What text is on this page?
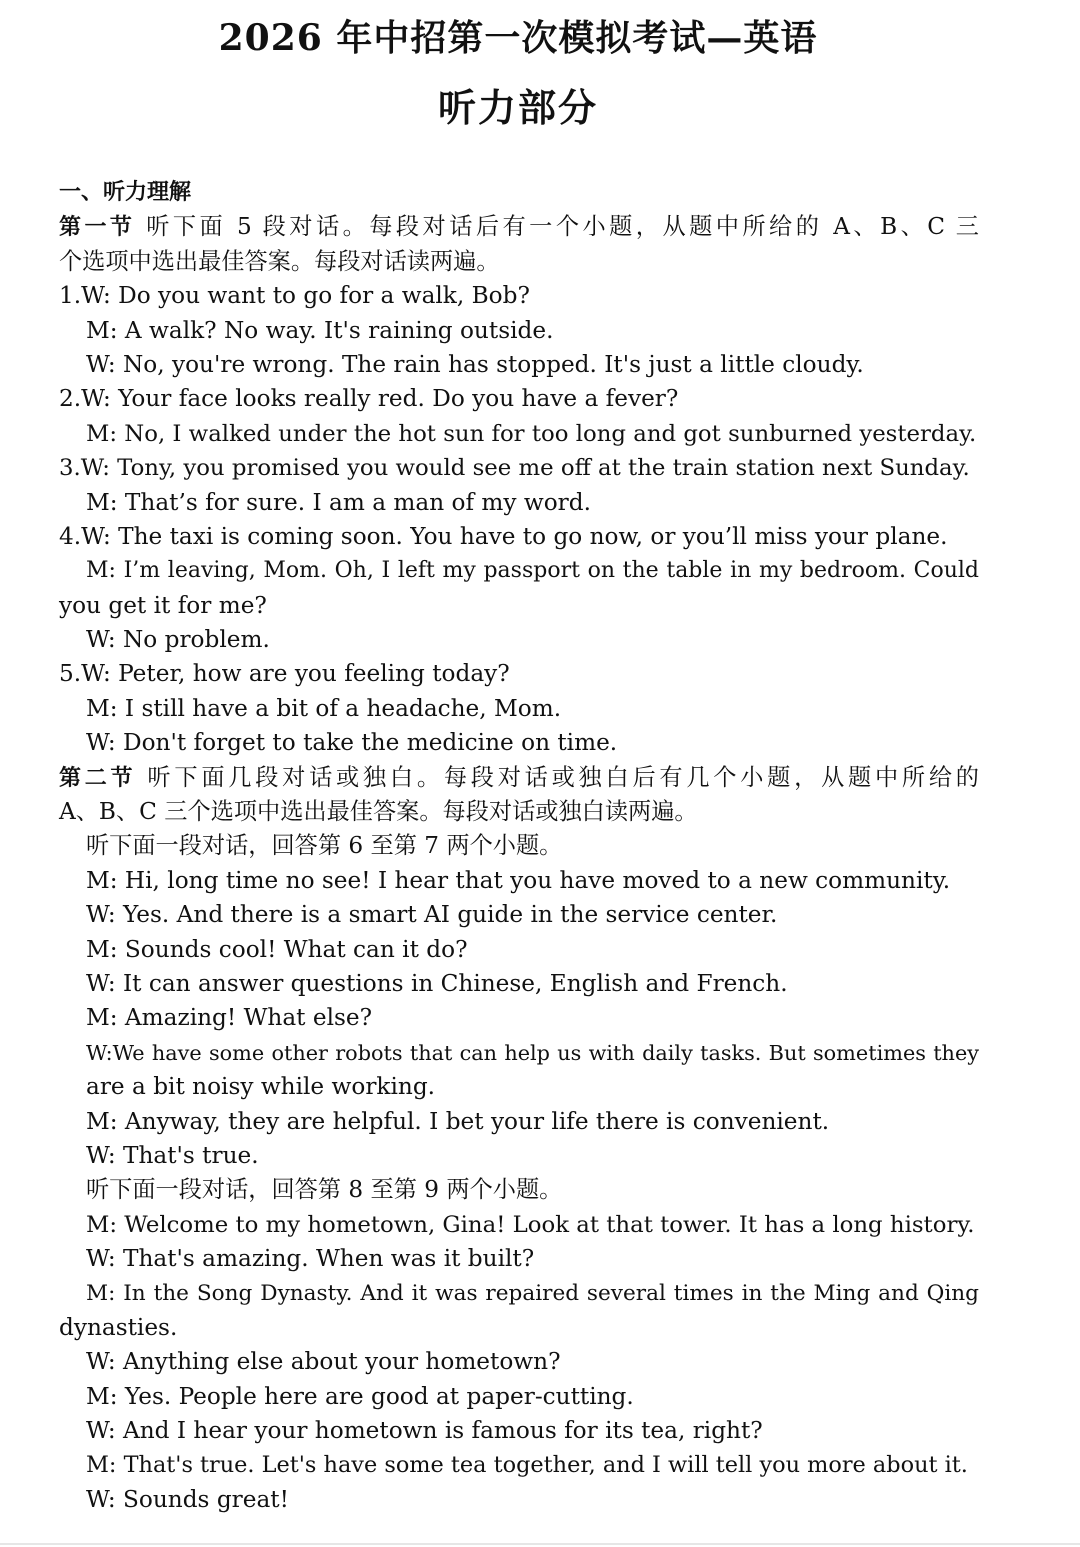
2026 年中招第一次模拟考试—英语
听力部分
一、听力理解
第一节 听下面 5 段对话。每段对话后有一个小题，从题中所给的 A、B、C 三
个选项中选出最佳答案。每段对话读两遍。
1.W: Do you want to go for a walk, Bob?
M: A walk? No way. It's raining outside.
W: No, you're wrong. The rain has stopped. It's just a little cloudy.
2.W: Your face looks really red. Do you have a fever?
M: No, I walked under the hot sun for too long and got sunburned yesterday.
3.W: Tony, you promised you would see me off at the train station next Sunday.
M: That’s for sure. I am a man of my word.
4.W: The taxi is coming soon. You have to go now, or you’ll miss your plane.
M: I’m leaving, Mom. Oh, I left my passport on the table in my bedroom. Could
you get it for me?
W: No problem.
5.W: Peter, how are you feeling today?
M: I still have a bit of a headache, Mom.
W: Don't forget to take the medicine on time.
第二节 听下面几段对话或独白。每段对话或独白后有几个小题，从题中所给的
A、B、C 三个选项中选出最佳答案。每段对话或独白读两遍。
听下面一段对话，回答第 6 至第 7 两个小题。
M: Hi, long time no see! I hear that you have moved to a new community.
W: Yes. And there is a smart AI guide in the service center.
M: Sounds cool! What can it do?
W: It can answer questions in Chinese, English and French.
M: Amazing! What else?
W:We have some other robots that can help us with daily tasks. But sometimes they
are a bit noisy while working.
M: Anyway, they are helpful. I bet your life there is convenient.
W: That's true.
听下面一段对话，回答第 8 至第 9 两个小题。
M: Welcome to my hometown, Gina! Look at that tower. It has a long history.
W: That's amazing. When was it built?
M: In the Song Dynasty. And it was repaired several times in the Ming and Qing
dynasties.
W: Anything else about your hometown?
M: Yes. People here are good at paper-cutting.
W: And I hear your hometown is famous for its tea, right?
M: That's true. Let's have some tea together, and I will tell you more about it.
W: Sounds great!
